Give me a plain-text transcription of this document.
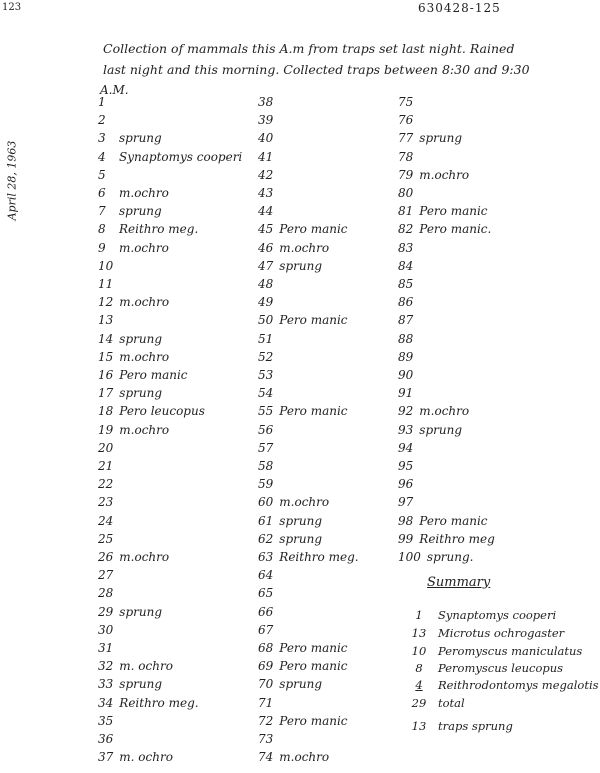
123	630428-125
April 28, 1963
Collection of mammals this A.m from traps set last night. Rained
last night and this morning. Collected traps between 8:30 and 9:30
A.M.
1
2
3 sprung
4 Synaptomys cooperi
5
6 m.ochro
7 sprung
8 Reithro meg.
9 m.ochro
10
11
12 m.ochro
13
14 sprung
15 m.ochro
16 Pero manic
17 sprung
18 Pero leucopus
19 m.ochro
20
21
22
23
24
25
26 m.ochro
27
28
29 sprung
30
31
32 m. ochro
33 sprung
34 Reithro meg.
35
36
37 m. ochro
38
39
40
41
42
43
44
45 Pero manic
46 m.ochro
47 sprung
48
49
50 Pero manic
51
52
53
54
55 Pero manic
56
57
58
59
60 m.ochro
61 sprung
62 sprung
63 Reithro meg.
64
65
66
67
68 Pero manic
69 Pero manic
70 sprung
71
72 Pero manic
73
74 m.ochro
75
76
77 sprung
78
79 m.ochro
80
81 Pero manic
82 Pero manic.
83
84
85
86
87
88
89
90
91
92 m.ochro
93 sprung
94
95
96
97
98 Pero manic
99 Reithro meg
100 sprung.
Summary
1 Synaptomys cooperi
13 Microtus ochrogaster
10 Peromyscus maniculatus
8 Peromyscus leucopus
4 Reithrodontomys megalotis
29 total
13 traps sprung
